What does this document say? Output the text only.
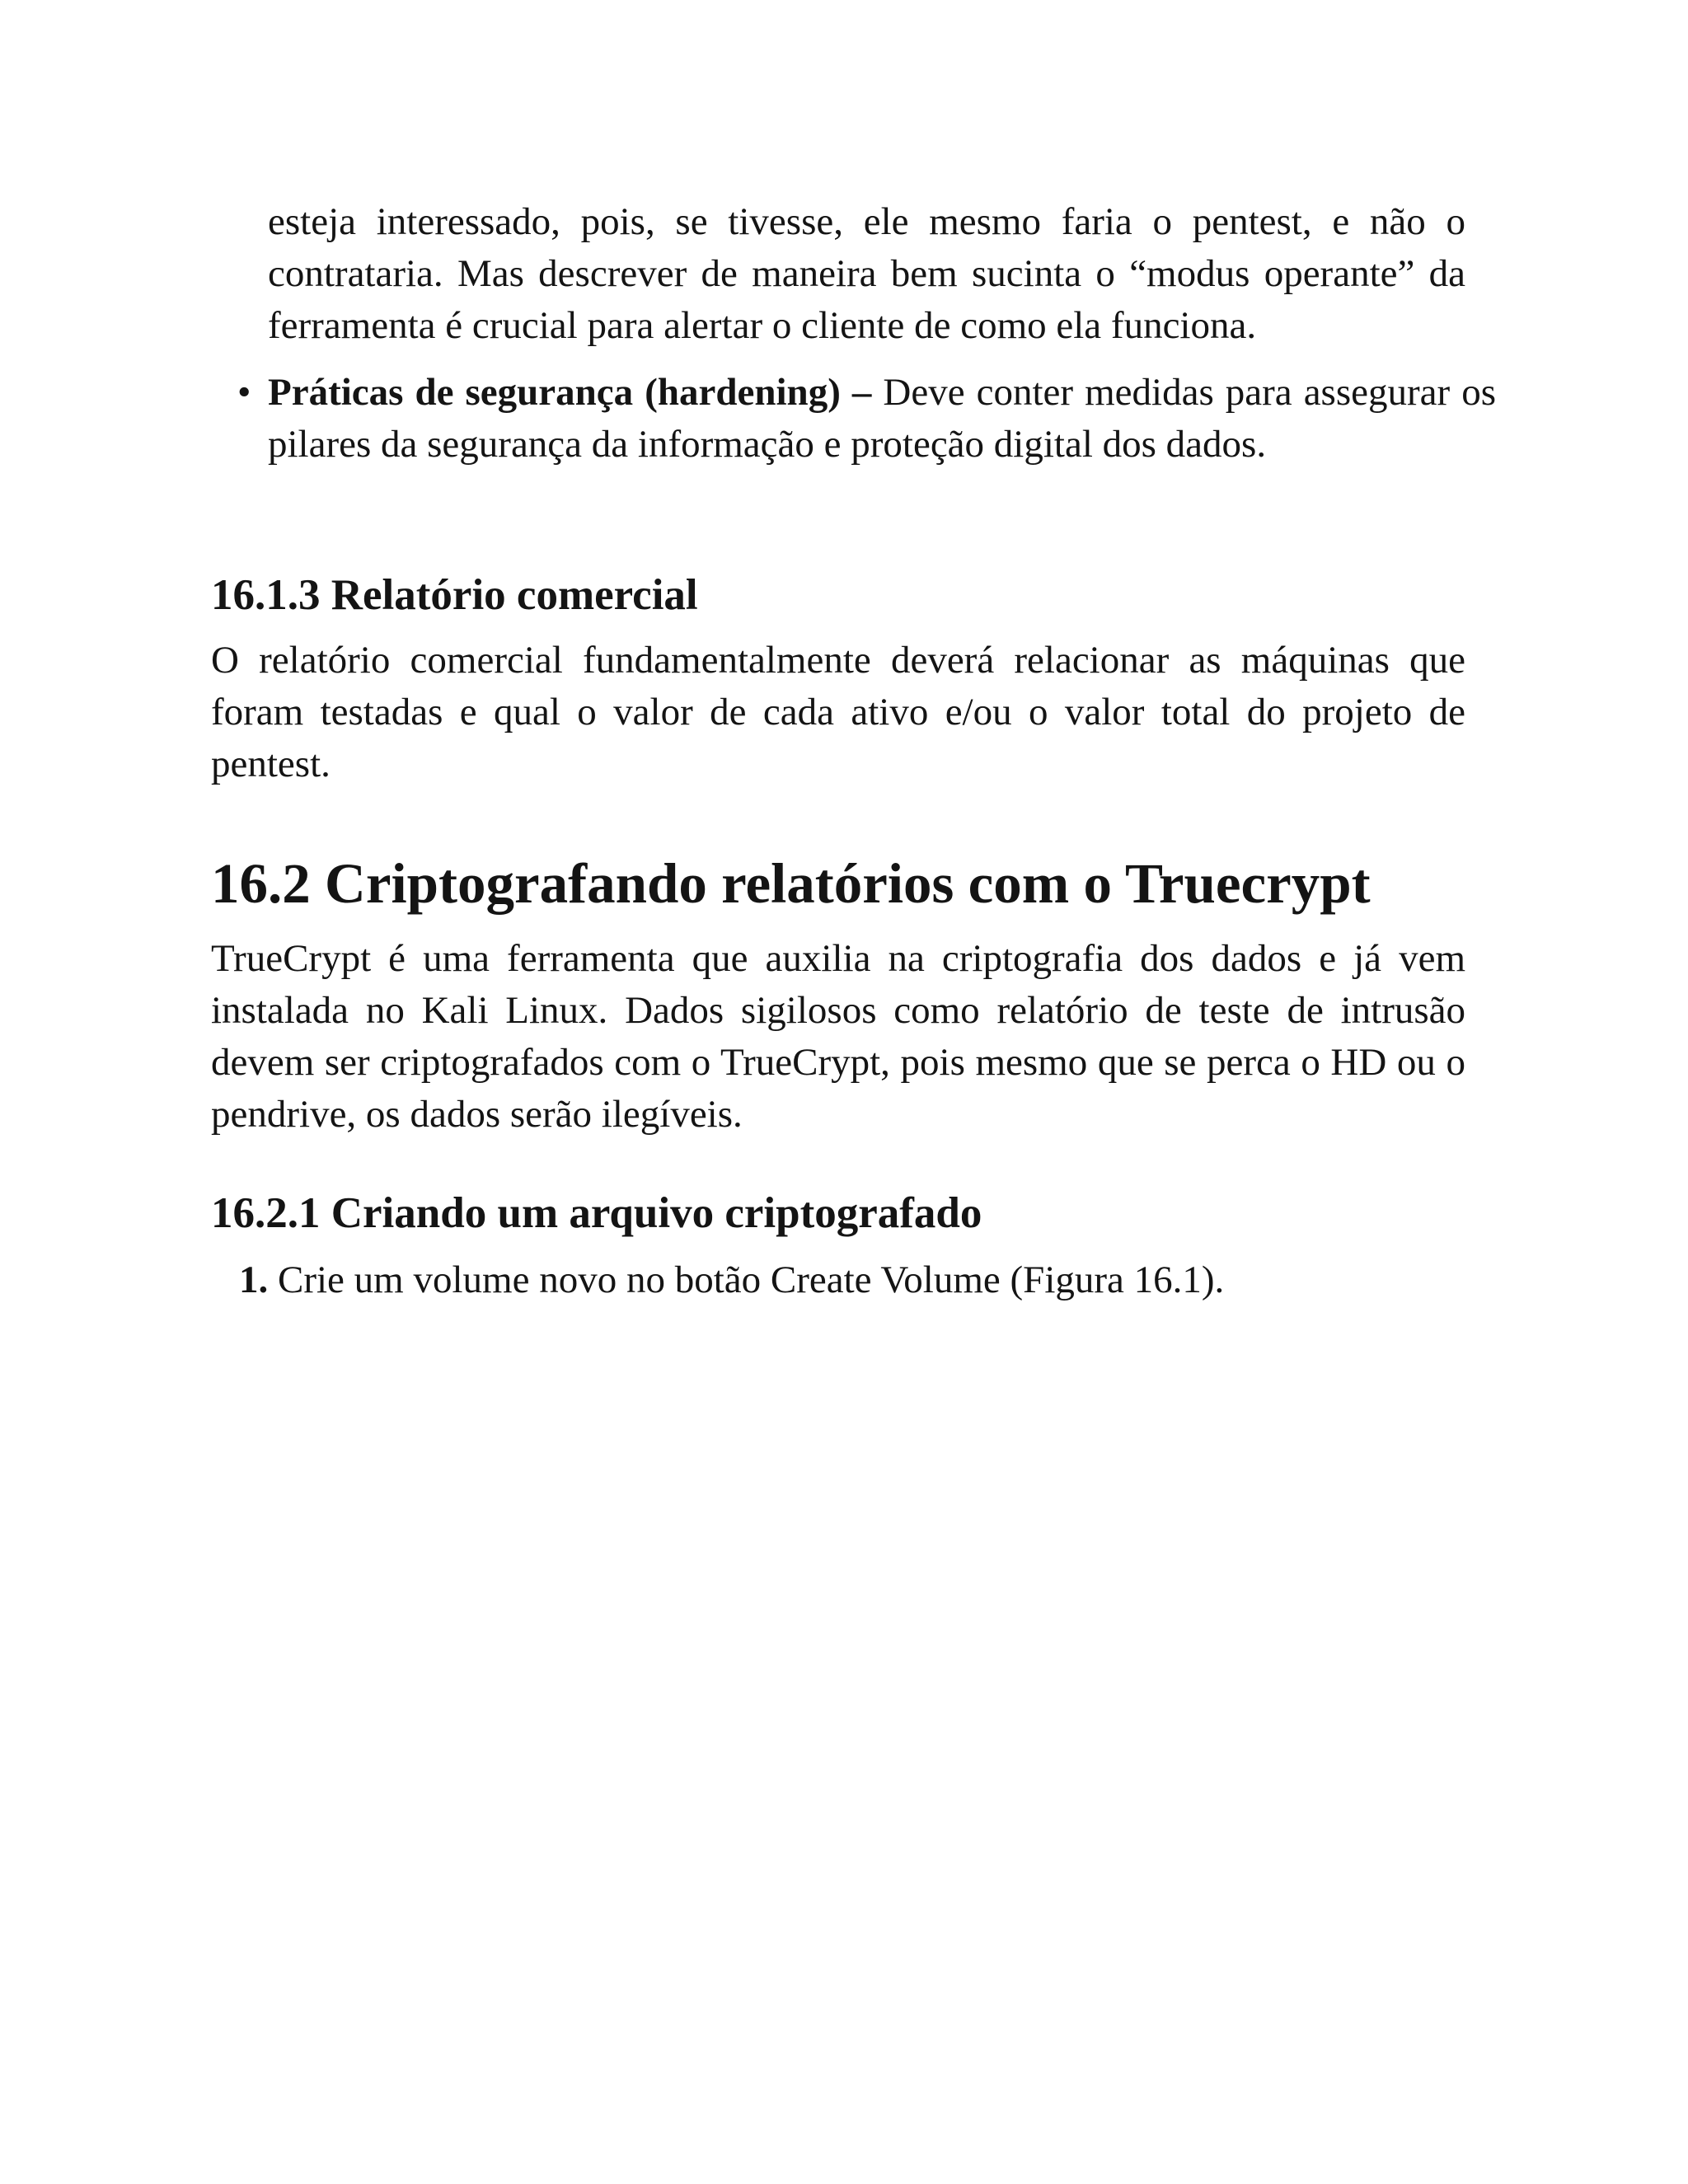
esteja interessado, pois, se tivesse, ele mesmo faria o pentest, e não o contrataria. Mas descrever de maneira bem sucinta o “modus operante” da ferramenta é crucial para alertar o cliente de como ela funciona.

• Práticas de segurança (hardening) – Deve conter medidas para assegurar os pilares da segurança da informação e proteção digital dos dados.

16.1.3 Relatório comercial

O relatório comercial fundamentalmente deverá relacionar as máquinas que foram testadas e qual o valor de cada ativo e/ou o valor total do projeto de pentest.

16.2 Criptografando relatórios com o Truecrypt

TrueCrypt é uma ferramenta que auxilia na criptografia dos dados e já vem instalada no Kali Linux. Dados sigilosos como relatório de teste de intrusão devem ser criptografados com o TrueCrypt, pois mesmo que se perca o HD ou o pendrive, os dados serão ilegíveis.

16.2.1 Criando um arquivo criptografado

1. Crie um volume novo no botão Create Volume (Figura 16.1).
